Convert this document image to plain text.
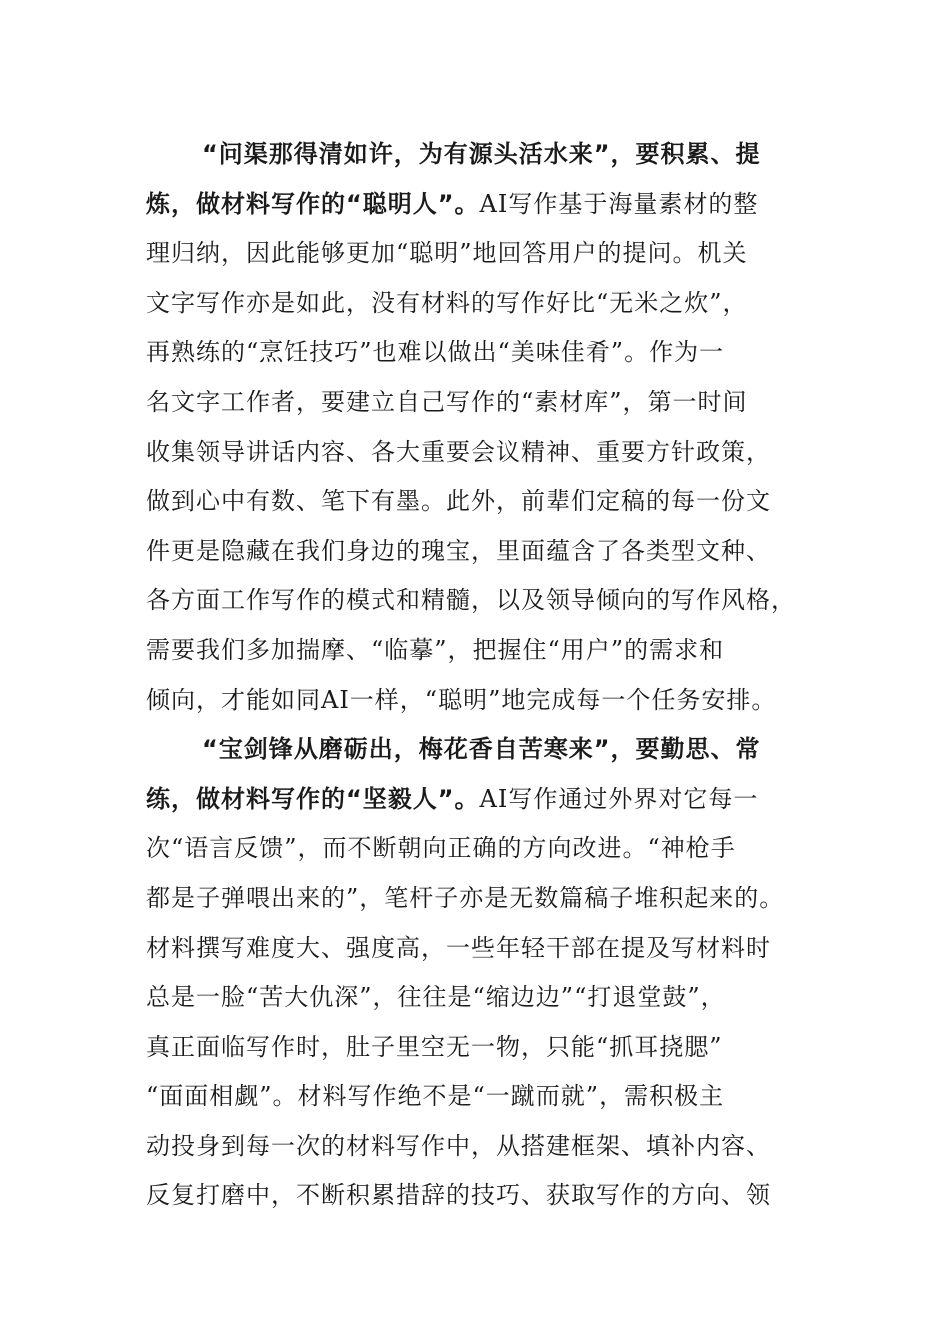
“问渠那得清如许，为有源头活水来”，要积累、提
炼，做材料写作的“聪明人”。AI写作基于海量素材的整
理归纳，因此能够更加“聪明”地回答用户的提问。机关
文字写作亦是如此，没有材料的写作好比“无米之炊”，
再熟练的“烹饪技巧”也难以做出“美味佳肴”。作为一
名文字工作者，要建立自己写作的“素材库”，第一时间
收集领导讲话内容、各大重要会议精神、重要方针政策，
做到心中有数、笔下有墨。此外，前辈们定稿的每一份文
件更是隐藏在我们身边的瑰宝，里面蕴含了各类型文种、
各方面工作写作的模式和精髓，以及领导倾向的写作风格，
需要我们多加揣摩、“临摹”，把握住“用户”的需求和
倾向，才能如同AI一样，“聪明”地完成每一个任务安排。
“宝剑锋从磨砺出，梅花香自苦寒来”，要勤思、常
练，做材料写作的“坚毅人”。AI写作通过外界对它每一
次“语言反馈”，而不断朝向正确的方向改进。“神枪手
都是子弹喂出来的”，笔杆子亦是无数篇稿子堆积起来的。
材料撰写难度大、强度高，一些年轻干部在提及写材料时
总是一脸“苦大仇深”，往往是“缩边边”“打退堂鼓”，
真正面临写作时，肚子里空无一物，只能“抓耳挠腮”
“面面相觑”。材料写作绝不是“一蹴而就”，需积极主
动投身到每一次的材料写作中，从搭建框架、填补内容、
反复打磨中，不断积累措辞的技巧、获取写作的方向、领
